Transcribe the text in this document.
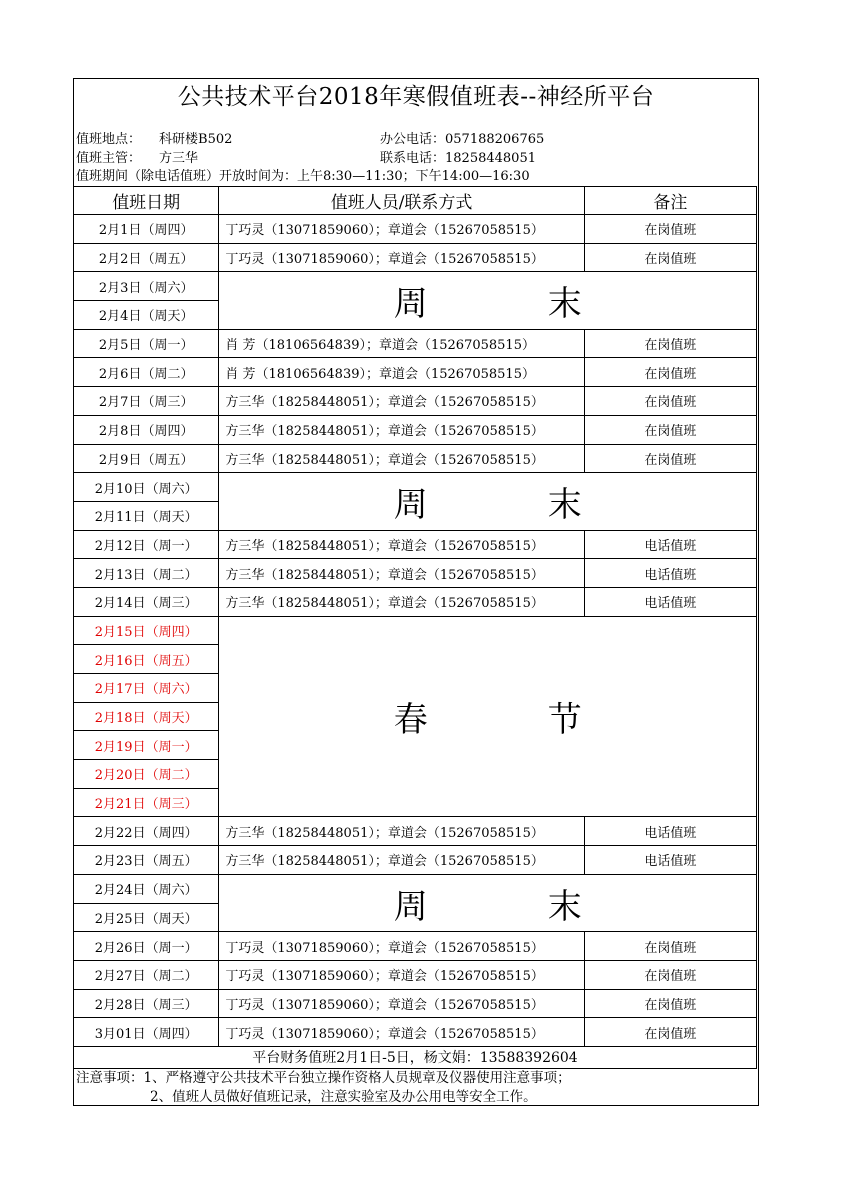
公共技术平台2018年寒假值班表--神经所平台
值班地点： 科研楼B502	办公电话：057188206765
值班主管： 方三华	联系电话：18258448051
值班期间（除电话值班）开放时间为：上午8:30—11:30；下午14:00—16:30
值班日期	值班人员/联系方式	备注
2月1日（周四）	丁巧灵（13071859060）；章道会（15267058515）	在岗值班
2月2日（周五）	丁巧灵（13071859060）；章道会（15267058515）	在岗值班
2月3日（周六）	周 末	
2月4日（周天）		
2月5日（周一）	肖 芳（18106564839）；章道会（15267058515）	在岗值班
2月6日（周二）	肖 芳（18106564839）；章道会（15267058515）	在岗值班
2月7日（周三）	方三华（18258448051）；章道会（15267058515）	在岗值班
2月8日（周四）	方三华（18258448051）；章道会（15267058515）	在岗值班
2月9日（周五）	方三华（18258448051）；章道会（15267058515）	在岗值班
2月10日（周六）	周 末	
2月11日（周天）		
2月12日（周一）	方三华（18258448051）；章道会（15267058515）	电话值班
2月13日（周二）	方三华（18258448051）；章道会（15267058515）	电话值班
2月14日（周三）	方三华（18258448051）；章道会（15267058515）	电话值班
2月15日（周四）	春 节	
2月16日（周五）		
2月17日（周六）		
2月18日（周天）		
2月19日（周一）		
2月20日（周二）		
2月21日（周三）		
2月22日（周四）	方三华（18258448051）；章道会（15267058515）	电话值班
2月23日（周五）	方三华（18258448051）；章道会（15267058515）	电话值班
2月24日（周六）	周 末	
2月25日（周天）		
2月26日（周一）	丁巧灵（13071859060）；章道会（15267058515）	在岗值班
2月27日（周二）	丁巧灵（13071859060）；章道会（15267058515）	在岗值班
2月28日（周三）	丁巧灵（13071859060）；章道会（15267058515）	在岗值班
3月01日（周四）	丁巧灵（13071859060）；章道会（15267058515）	在岗值班
平台财务值班2月1日-5日，杨文娟：13588392604		
注意事项：1、严格遵守公共技术平台独立操作资格人员规章及仪器使用注意事项；
2、值班人员做好值班记录，注意实验室及办公用电等安全工作。
